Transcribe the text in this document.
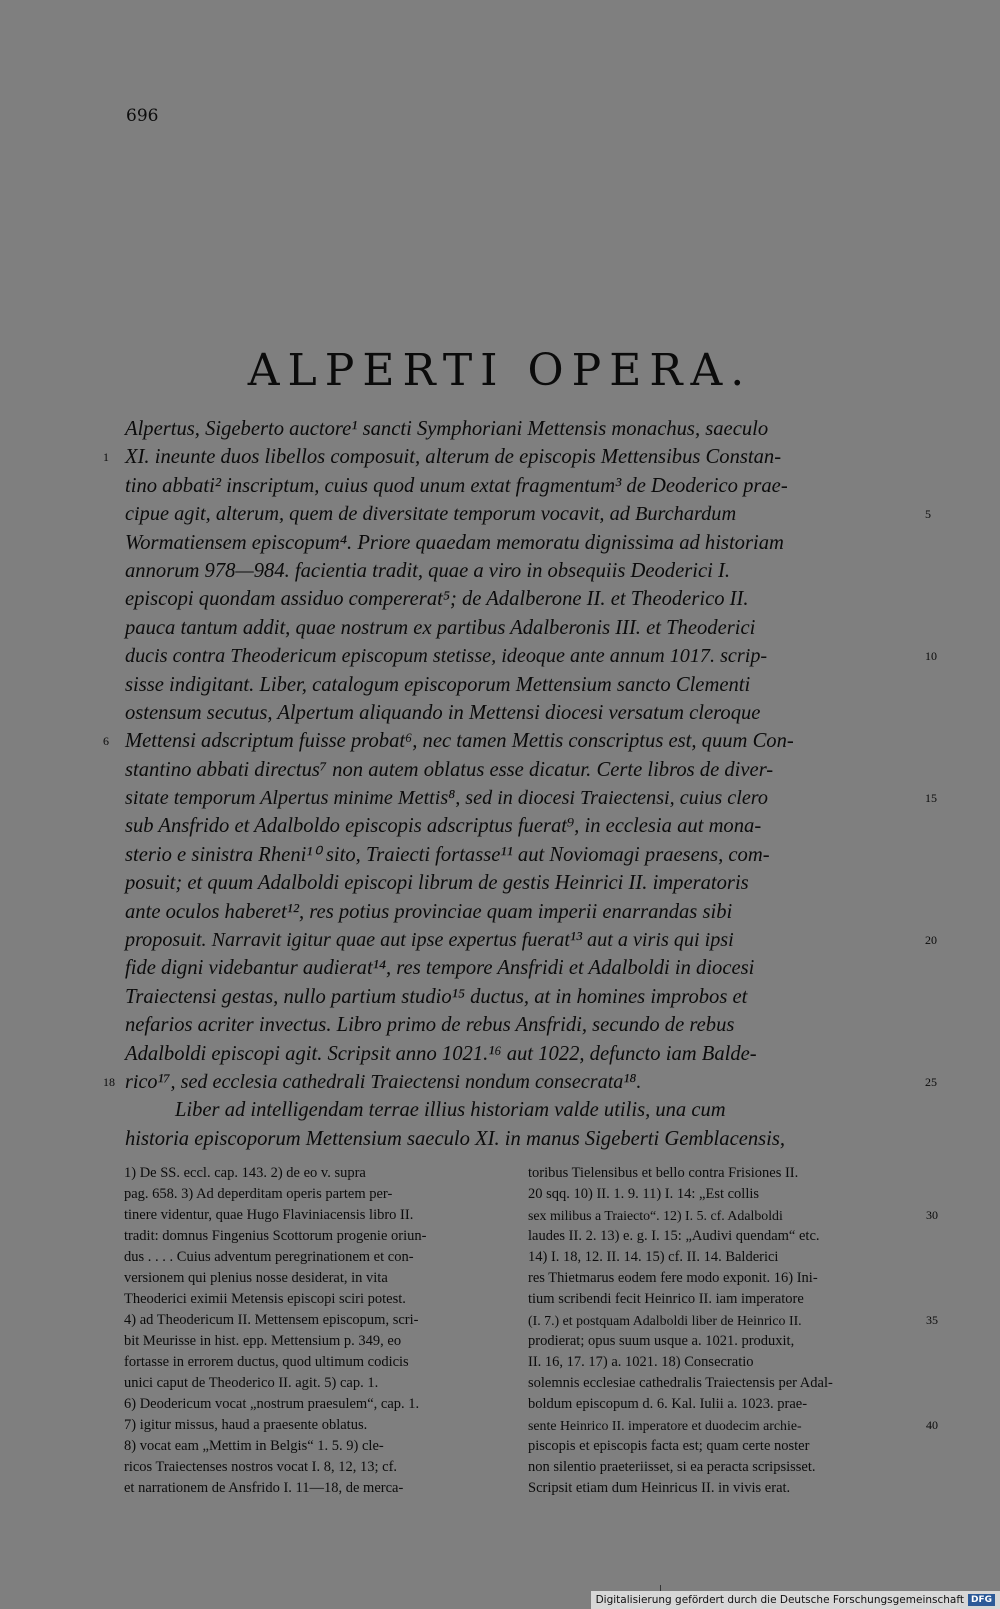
696
ALPERTI OPERA.
Alpertus, Sigeberto auctore¹ sancti Symphoriani Mettensis monachus, saeculo
XI. ineunte duos libellos composuit, alterum de episcopis Mettensibus Constan-
1
tino abbati² inscriptum, cuius quod unum extat fragmentum³ de Deoderico prae-
cipue agit, alterum, quem de diversitate temporum vocavit, ad Burchardum	5
Wormatiensem episcopum⁴. Priore quaedam memoratu dignissima ad historiam
annorum 978—984. facientia tradit, quae a viro in obsequiis Deoderici I.
episcopi quondam assiduo compererat⁵; de Adalberone II. et Theoderico II.
pauca tantum addit, quae nostrum ex partibus Adalberonis III. et Theoderici
ducis contra Theodericum episcopum stetisse, ideoque ante annum 1017. scrip-	10
sisse indigitant. Liber, catalogum episcoporum Mettensium sancto Clementi
ostensum secutus, Alpertum aliquando in Mettensi diocesi versatum cleroque
Mettensi adscriptum fuisse probat⁶, nec tamen Mettis conscriptus est, quum Con-
6
stantino abbati directus⁷ non autem oblatus esse dicatur. Certe libros de diver-
sitate temporum Alpertus minime Mettis⁸, sed in diocesi Traiectensi, cuius clero	15
sub Ansfrido et Adalboldo episcopis adscriptus fuerat⁹, in ecclesia aut mona-
sterio e sinistra Rheni¹⁰ sito, Traiecti fortasse¹¹ aut Noviomagi praesens, com-
posuit; et quum Adalboldi episcopi librum de gestis Heinrici II. imperatoris
ante oculos haberet¹², res potius provinciae quam imperii enarrandas sibi
proposuit. Narravit igitur quae aut ipse expertus fuerat¹³ aut a viris qui ipsi	20
fide digni videbantur audierat¹⁴, res tempore Ansfridi et Adalboldi in diocesi
Traiectensi gestas, nullo partium studio¹⁵ ductus, at in homines improbos et
nefarios acriter invectus. Libro primo de rebus Ansfridi, secundo de rebus
Adalboldi episcopi agit. Scripsit anno 1021.¹⁶ aut 1022, defuncto iam Balde-
rico¹⁷, sed ecclesia cathedrali Traiectensi nondum consecrata¹⁸.
18	25
Liber ad intelligendam terrae illius historiam valde utilis, una cum
historia episcoporum Mettensium saeculo XI. in manus Sigeberti Gemblacensis,
1) De SS. eccl. cap. 143. 2) de eo v. supra
pag. 658. 3) Ad deperditam operis partem per-
tinere videntur, quae Hugo Flaviniacensis libro II.
tradit: domnus Fingenius Scottorum progenie oriun-
dus . . . . Cuius adventum peregrinationem et con-
versionem qui plenius nosse desiderat, in vita
Theoderici eximii Metensis episcopi sciri potest.
4) ad Theodericum II. Mettensem episcopum, scri-
bit Meurisse in hist. epp. Mettensium p. 349, eo
fortasse in errorem ductus, quod ultimum codicis
unici caput de Theoderico II. agit. 5) cap. 1.
6) Deodericum vocat „nostrum praesulem“, cap. 1.
7) igitur missus, haud a praesente oblatus.
8) vocat eam „Mettim in Belgis“ 1. 5. 9) cle-
ricos Traiectenses nostros vocat I. 8, 12, 13; cf.
et narrationem de Ansfrido I. 11—18, de merca-
toribus Tielensibus et bello contra Frisiones II.
20 sqq. 10) II. 1. 9. 11) I. 14: „Est collis
sex milibus a Traiecto“. 12) I. 5. cf. Adalboldi	30
laudes II. 2. 13) e. g. I. 15: „Audivi quendam“ etc.
14) I. 18, 12. II. 14. 15) cf. II. 14. Balderici
res Thietmarus eodem fere modo exponit. 16) Ini-
tium scribendi fecit Heinrico II. iam imperatore
(I. 7.) et postquam Adalboldi liber de Heinrico II.	35
prodierat; opus suum usque a. 1021. produxit,
II. 16, 17. 17) a. 1021. 18) Consecratio
solemnis ecclesiae cathedralis Traiectensis per Adal-
boldum episcopum d. 6. Kal. Iulii a. 1023. prae-
sente Heinrico II. imperatore et duodecim archie-	40
piscopis et episcopis facta est; quam certe noster
non silentio praeteriisset, si ea peracta scripsisset.
Scripsit etiam dum Heinricus II. in vivis erat.
Digitalisierung gefördert durch die Deutsche Forschungsgemeinschaft DFG
